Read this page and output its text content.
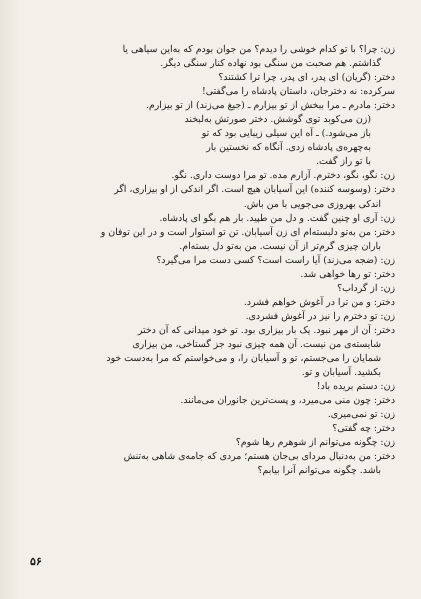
زن: چرا؟ با تو کدام خوشی را دیدم؟ من جوان بودم که به‌این سیاهی یا
گذاشتم. هم صحبت من سنگی بود نهاده کنار سنگی دیگر.
دختر: (گریان) ای پدر، ای پدر، چرا ترا کشتند؟
سرکرده: نه دخترجان، داستان پادشاه را می‌گفتی!
دختر: مادرم ـ مرا ببخش از تو بیزارم ـ (جیغ می‌زند) از تو بیزارم.
(زن می‌کوبد توی گوشش. دختر صورتش به‌لبخند
باز می‌شود.) ـ آه این سیلی زیبایی بود که تو
به‌چهره‌ی پادشاه زدی. آنگاه که نخستین بار
با تو راز گفت.
زن: نگو، نگو، دخترم. آزارم مده. تو مرا دوست داری. نگو.
دختر: (وسوسه کننده) این آسیابان هیچ است. اگر اندکی از او بیزاری، اگر
اندکی بهروزی می‌جویی با من باش.
زن: آری او چنین گفت. و دل من طپید. بار هم بگو ای پادشاه.
دختر: من به‌تو دلبسته‌ام ای زن آسیابان. تن تو استوار است و در این توفان و
باران چیزی گرم‌تر از آن نیست. من به‌تو دل بسته‌ام.
زن: (ضجه می‌زند) آیا راست است؟ کسی دست مرا می‌گیرد؟
دختر: تو رها خواهی شد.
زن: از گرداب؟
دختر: و من ترا در آغوش خواهم فشرد.
زن: تو دخترم را نیز در آغوش فشردی.
دختر: آن از مهر نبود. یک بار بیزاری بود. تو خود میدانی که آن دختر
شایسته‌ی من نیست. آن همه چیزی نبود جز گستاخی، من بیزاری
شمایان را می‌جستم، تو و آسیابان را، و می‌خواستم که مرا به‌دست خود
بکشید. آسیابان و تو.
زن: دستم بریده باد!
دختر: چون منی می‌میرد، و پست‌ترین جانوران می‌مانند.
زن: تو نمی‌میری.
دختر: چه گفتی؟
زن: چگونه می‌توانم از شوهرم رها شوم؟
دختر: من به‌دنبال مردای بی‌جان هستم؛ مردی که جامه‌ی شاهی به‌تنش
باشد. چگونه می‌توانم آنرا بیابم؟
۵۶
